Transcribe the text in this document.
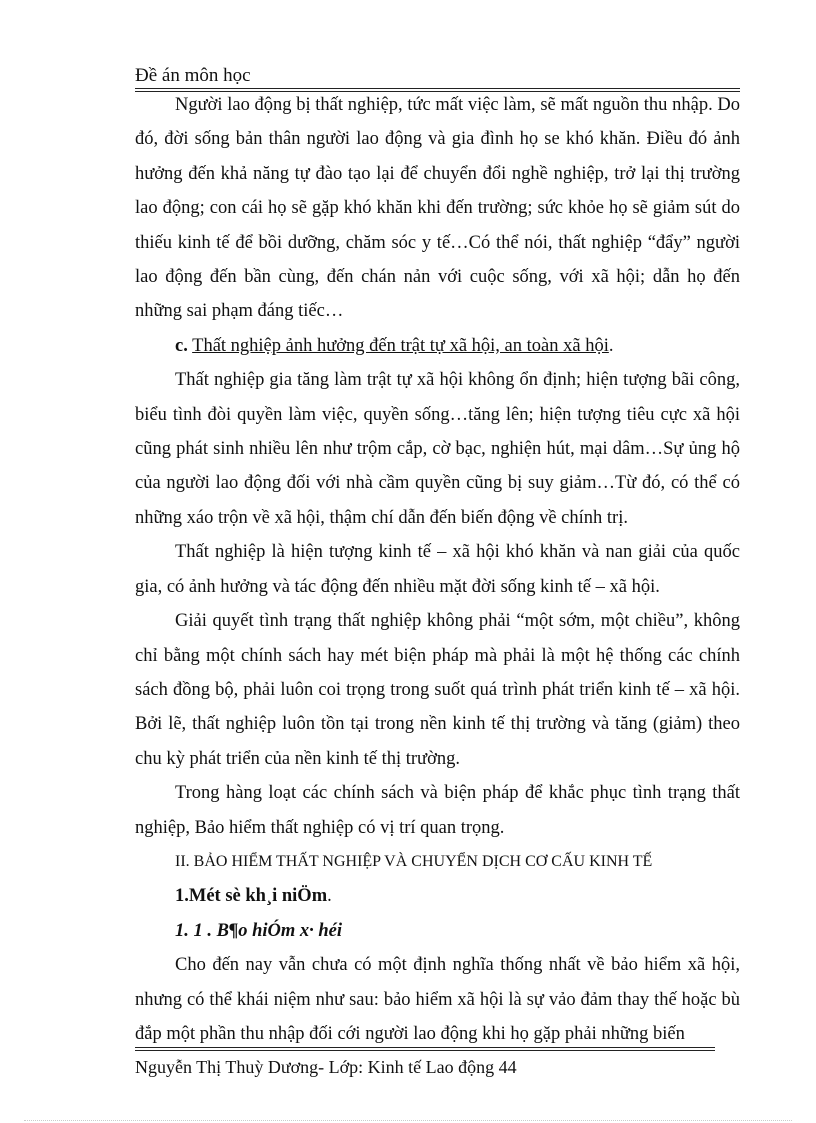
Đề án môn học

Người lao động bị thất nghiệp, tức mất việc làm, sẽ mất nguồn thu nhập. Do đó, đời sống bản thân người lao động và gia đình họ se khó khăn. Điều đó ảnh hưởng đến khả năng tự đào tạo lại để chuyển đổi nghề nghiệp, trở lại thị trường lao động; con cái họ sẽ gặp khó khăn khi đến trường; sức khỏe họ sẽ giảm sút do thiếu kinh tế để bồi dưỡng, chăm sóc y tế…Có thể nói, thất nghiệp “đẩy” người lao động đến bần cùng, đến chán nản với cuộc sống, với xã hội; dẫn họ đến những sai phạm đáng tiếc…

c. Thất nghiệp ảnh hưởng đến trật tự xã hội, an toàn xã hội.

Thất nghiệp gia tăng làm trật tự xã hội không ổn định; hiện tượng bãi công, biểu tình đòi quyền làm việc, quyền sống…tăng lên; hiện tượng tiêu cực xã hội cũng phát sinh nhiều lên như trộm cắp, cờ bạc, nghiện hút, mại dâm…Sự ủng hộ của người lao động đối với nhà cầm quyền cũng bị suy giảm…Từ đó, có thể có những xáo trộn về xã hội, thậm chí dẫn đến biến động về chính trị.

Thất nghiệp là hiện tượng kinh tế – xã hội khó khăn và nan giải của quốc gia, có ảnh hưởng và tác động đến nhiều mặt đời sống kinh tế – xã hội.

Giải quyết tình trạng thất nghiệp không phải “một sớm, một chiều”, không chỉ bằng một chính sách hay mét biện pháp mà phải là một hệ thống các chính sách đồng bộ, phải luôn coi trọng trong suốt quá trình phát triển kinh tế – xã hội. Bởi lẽ, thất nghiệp luôn tồn tại trong nền kinh tế thị trường và tăng (giảm) theo chu kỳ phát triển của nền kinh tế thị trường.

Trong hàng loạt các chính sách và biện pháp để khắc phục tình trạng thất nghiệp, Bảo hiểm thất nghiệp có vị trí quan trọng.

II. BẢO HIỂM THẤT NGHIỆP VÀ CHUYỂN DỊCH CƠ CẤU KINH TẾ

1.Mét sè kh¸i niÖm.

1. 1 . B¶o hiÓm x· héi

Cho đến nay vẫn chưa có một định nghĩa thống nhất về bảo hiểm xã hội, nhưng có thể khái niệm như sau: bảo hiểm xã hội là sự vảo đảm thay thế hoặc bù đắp một phần thu nhập đối cới người lao động khi họ gặp phải những biến

Nguyễn Thị Thuỳ Dương- Lớp: Kinh tế Lao động 44
